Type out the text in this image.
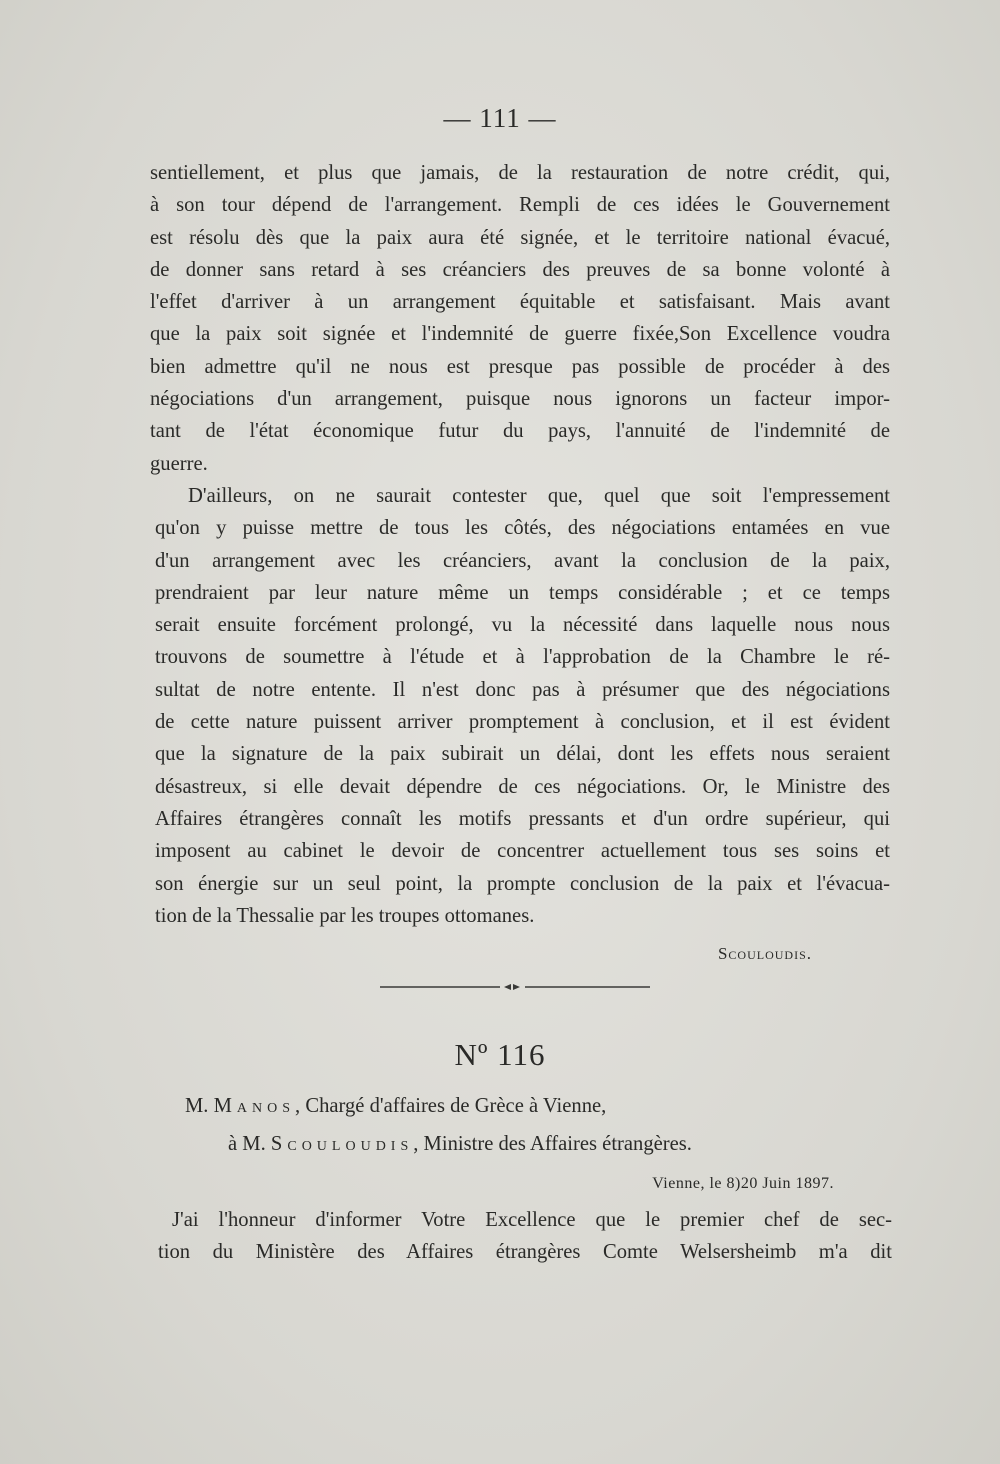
— 111 —
sentiellement, et plus que jamais, de la restauration de notre crédit, qui,
à son tour dépend de l'arrangement. Rempli de ces idées le Gouvernement
est résolu dès que la paix aura été signée, et le territoire national évacué,
de donner sans retard à ses créanciers des preuves de sa bonne volonté à
l'effet d'arriver à un arrangement équitable et satisfaisant. Mais avant
que la paix soit signée et l'indemnité de guerre fixée,Son Excellence voudra
bien admettre qu'il ne nous est presque pas possible de procéder à des
négociations d'un arrangement, puisque nous ignorons un facteur impor-
tant de l'état économique futur du pays, l'annuité de l'indemnité de
guerre.
D'ailleurs, on ne saurait contester que, quel que soit l'empressement
qu'on y puisse mettre de tous les côtés, des négociations entamées en vue
d'un arrangement avec les créanciers, avant la conclusion de la paix,
prendraient par leur nature même un temps considérable ; et ce temps
serait ensuite forcément prolongé, vu la nécessité dans laquelle nous nous
trouvons de soumettre à l'étude et à l'approbation de la Chambre le ré-
sultat de notre entente. Il n'est donc pas à présumer que des négociations
de cette nature puissent arriver promptement à conclusion, et il est évident
que la signature de la paix subirait un délai, dont les effets nous seraient
désastreux, si elle devait dépendre de ces négociations. Or, le Ministre des
Affaires étrangères connaît les motifs pressants et d'un ordre supérieur, qui
imposent au cabinet le devoir de concentrer actuellement tous ses soins et
son énergie sur un seul point, la prompte conclusion de la paix et l'évacua-
tion de la Thessalie par les troupes ottomanes.
Scouloudis.
Nº 116
M. Manos, Chargé d'affaires de Grèce à Vienne,
à M. Scouloudis, Ministre des Affaires étrangères.
Vienne, le 8)20 Juin 1897.
J'ai l'honneur d'informer Votre Excellence que le premier chef de sec-
tion du Ministère des Affaires étrangères Comte Welsersheimb m'a dit
